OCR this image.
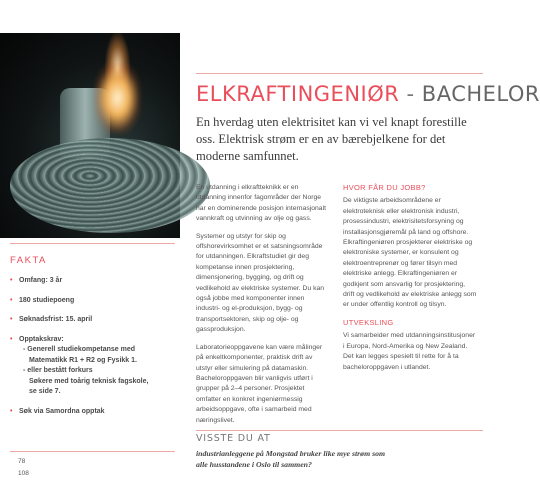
ELKRAFTINGENIØR - BACHELOR
En hverdag uten elektrisitet kan vi vel knapt forestille oss. Elektrisk strøm er en av bærebjelkene for det moderne samfunnet.

En utdanning i elkraftteknikk er en utdanning innenfor fagområder der Norge har en dominerende posisjon internasjonalt vannkraft og utvinning av olje og gass.

Systemer og utstyr for skip og offshorevirksomhet er et satsningsområde for utdanningen. Elkraftstudiet gir deg kompetanse innen prosjektering, dimensjonering, bygging, og drift og vedlikehold av elektriske systemer. Du kan også jobbe med komponenter innen industri- og el-produksjon, bygg- og transportsektoren, skip og olje- og gassproduksjon.

Laboratorieoppgavene kan være målinger på enkeltkomponenter, praktisk drift av utstyr eller simulering på datamaskin. Bacheloroppgaven blir vanligvis utført i grupper på 2–4 personer. Prosjektet omfatter en konkret ingeniørmessig arbeidsoppgave, ofte i samarbeid med næringslivet.

HVOR FÅR DU JOBB?

De viktigste arbeidsområdene er elektroteknisk eller elektronisk industri, prosessindustri, elektrisitetsforsyning og installasjonsgjøremål på land og offshore. Elkraftingeniøren prosjekterer elektriske og elektroniske systemer, er konsulent og elektroentreprenør og fører tilsyn med elektriske anlegg. Elkraftingeniøren er godkjent som ansvarlig for prosjektering, drift og vedlikehold av elektriske anlegg som er under offentlig kontroll og tilsyn.

UTVEKSLING

Vi samarbeider med utdanningsinstitusjoner i Europa, Nord-Amerika og New Zealand. Det kan legges spesielt til rette for å ta bacheloroppgaven i utlandet.

FAKTA
• Omfang: 3 år
• 180 studiepoeng
• Søknadsfrist: 15. april
• Opptakskrav:
- Generell studiekompetanse med
Matematikk R1 + R2 og Fysikk 1.
- eller bestått forkurs
Søkere med toårig teknisk fagskole,
se side 7.
• Søk via Samordna opptak
78
108
VISSTE DU AT

industrianleggene på Mongstad bruker like mye strøm som
alle husstandene i Oslo til sammen?
